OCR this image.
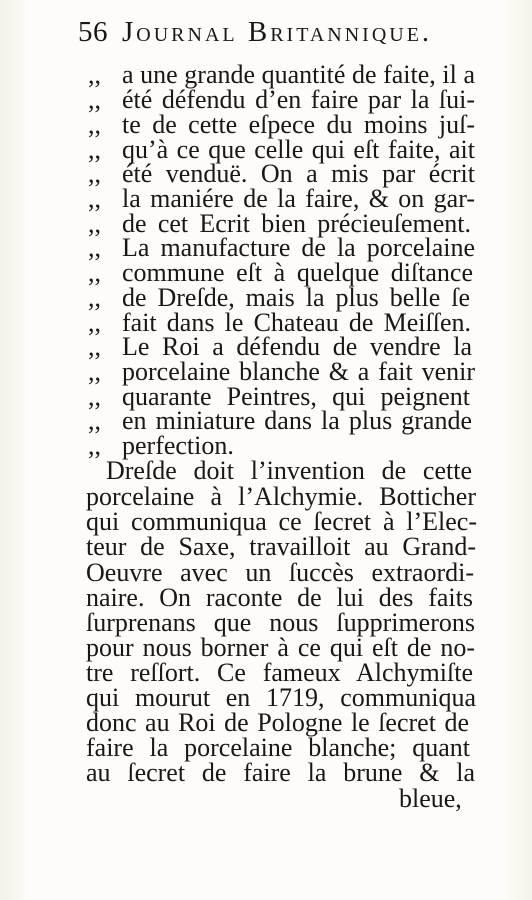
56 Journal Britannique.
,, a une grande quantité de faite, il a
,, été défendu d’en faire par la ſui-
,, te de cette eſpece du moins juſ-
,, qu’à ce que celle qui eſt faite, ait
,, été venduë. On a mis par écrit
,, la maniére de la faire, & on gar-
,, de cet Ecrit bien précieuſement.
,, La manufacture de la porcelaine
,, commune eſt à quelque diſtance
,, de Dreſde, mais la plus belle ſe
,, fait dans le Chateau de Meiſſen.
,, Le Roi a défendu de vendre la
,, porcelaine blanche & a fait venir
,, quarante Peintres, qui peignent
,, en miniature dans la plus grande
,, perfection.
Dreſde doit l’invention de cette
porcelaine à l’Alchymie. Botticher
qui communiqua ce ſecret à l’Elec-
teur de Saxe, travailloit au Grand-
Oeuvre avec un ſuccès extraordi-
naire. On raconte de lui des faits
ſurprenans que nous ſupprimerons
pour nous borner à ce qui eſt de no-
tre reſſort. Ce fameux Alchymiſte
qui mourut en 1719, communiqua
donc au Roi de Pologne le ſecret de
faire la porcelaine blanche; quant
au ſecret de faire la brune & la
bleue,
